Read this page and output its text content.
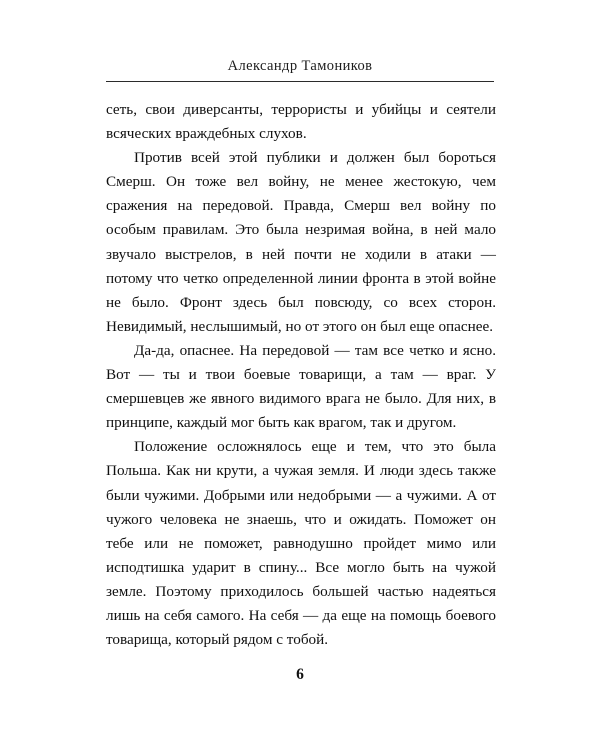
Александр Тамоников

сеть, свои диверсанты, террористы и убийцы и сеятели всяческих враждебных слухов.

Против всей этой публики и должен был бороться Смерш. Он тоже вел войну, не менее жестокую, чем сражения на передовой. Правда, Смерш вел войну по особым правилам. Это была незримая война, в ней мало звучало выстрелов, в ней почти не ходили в атаки — потому что четко определенной линии фронта в этой войне не было. Фронт здесь был повсюду, со всех сторон. Невидимый, неслышимый, но от этого он был еще опаснее.

Да-да, опаснее. На передовой — там все четко и ясно. Вот — ты и твои боевые товарищи, а там — враг. У смершевцев же явного видимого врага не было. Для них, в принципе, каждый мог быть как врагом, так и другом.

Положение осложнялось еще и тем, что это была Польша. Как ни крути, а чужая земля. И люди здесь также были чужими. Добрыми или недобрыми — а чужими. А от чужого человека не знаешь, что и ожидать. Поможет он тебе или не поможет, равнодушно пройдет мимо или исподтишка ударит в спину... Все могло быть на чужой земле. Поэтому приходилось большей частью надеяться лишь на себя самого. На себя — да еще на помощь боевого товарища, который рядом с тобой.

6
